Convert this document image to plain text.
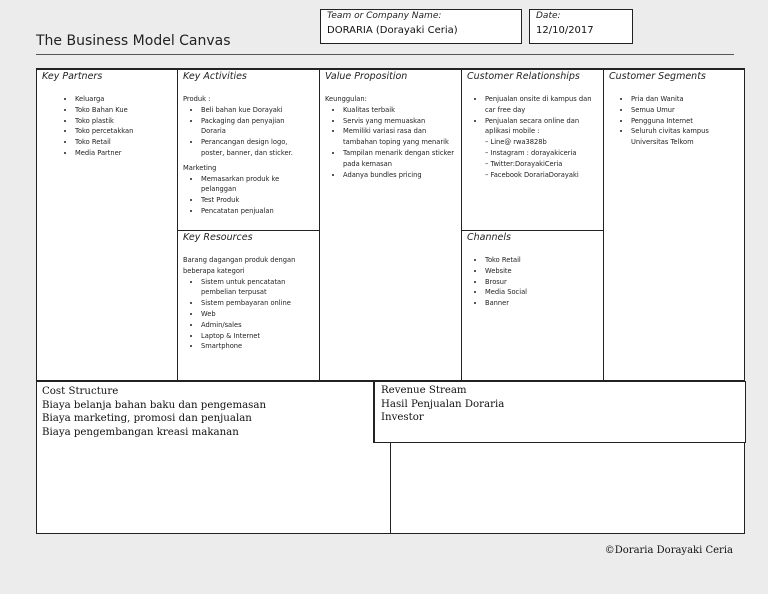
The Business Model Canvas
Team or Company Name:
DORARIA (Dorayaki Ceria)
Date:
12/10/2017
Key Partners
• Keluarga
• Toko Bahan Kue
• Toko plastik
• Toko percetakkan
• Toko Retail
• Media Partner
Key Activities
Produk :
• Beli bahan kue Dorayaki
• Packaging dan penyajian Doraria
• Perancangan design logo, poster, banner, dan sticker.
Marketing
• Memasarkan produk ke pelanggan
• Test Produk
• Pencatatan penjualan
Key Resources
Barang dagangan produk dengan beberapa kategori
• Sistem untuk pencatatan pembelian terpusat
• Sistem pembayaran online
• Web
• Admin/sales
• Laptop & Internet
• Smartphone
Value Proposition
Keunggulan:
• Kualitas terbaik
• Servis yang memuaskan
• Memiliki variasi rasa dan tambahan toping yang menarik
• Tampilan menarik dengan sticker pada kemasan
• Adanya bundles pricing
Customer Relationships
• Penjualan onsite di kampus dan car free day
• Penjualan secara online dan aplikasi mobile :
– Line@ rwa3828b
– Instagram : dorayakiceria
– Twitter:DorayakiCeria
– Facebook DorariaDorayaki
Channels
• Toko Retail
• Website
• Brosur
• Media Social
• Banner
Customer Segments
• Pria dan Wanita
• Semua Umur
• Pengguna Internet
• Seluruh civitas kampus Universitas Telkom
Cost Structure
Biaya belanja bahan baku dan pengemasan
Biaya marketing, promosi dan penjualan
Biaya pengembangan kreasi makanan
Revenue Stream
Hasil Penjualan Doraria
Investor
©Doraria Dorayaki Ceria
